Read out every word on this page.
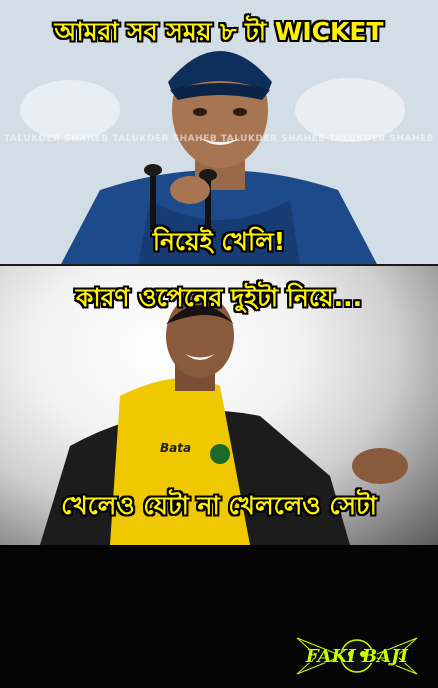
TALUKDER SHAHEB TALUKDER SHAHEB TALUKDER SHAHEB TALUKDER SHAHEB
আমরা সব সময় ৮ টা WICKET
নিয়েই খেলি!
Bata
FAKI BAJI
কারণ ওপেনের দুইটা নিয়ে...
খেলেও যেটা না খেললেও সেটা
